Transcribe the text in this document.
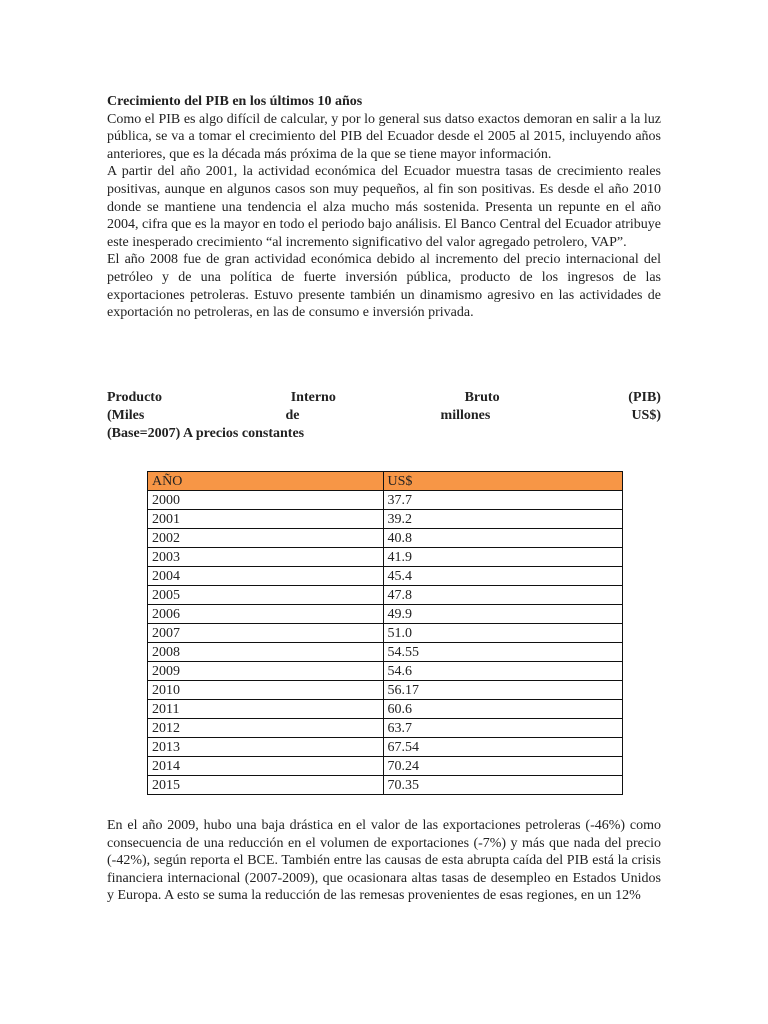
Crecimiento del PIB en los últimos 10 años

Como el PIB es algo difícil de calcular, y por lo general sus datso exactos demoran en salir a la luz pública, se va a tomar el crecimiento del PIB del Ecuador desde el 2005 al 2015, incluyendo años anteriores, que es la década más próxima de la que se tiene mayor información.

A partir del año 2001, la actividad económica del Ecuador muestra tasas de crecimiento reales positivas, aunque en algunos casos son muy pequeños, al fin son positivas. Es desde el año 2010 donde se mantiene una tendencia el alza mucho más sostenida. Presenta un repunte en el año 2004, cifra que es la mayor en todo el periodo bajo análisis. El Banco Central del Ecuador atribuye este inesperado crecimiento “al incremento significativo del valor agregado petrolero, VAP”.

El año 2008 fue de gran actividad económica debido al incremento del precio internacional del petróleo y de una política de fuerte inversión pública, producto de los ingresos de las exportaciones petroleras. Estuvo presente también un dinamismo agresivo en las actividades de exportación no petroleras, en las de consumo e inversión privada.

Producto	Interno	Bruto	(PIB)
(Miles	de	millones	US$)
(Base=2007) A precios constantes
AÑO	US$
2000	37.7
2001	39.2
2002	40.8
2003	41.9
2004	45.4
2005	47.8
2006	49.9
2007	51.0
2008	54.55
2009	54.6
2010	56.17
2011	60.6
2012	63.7
2013	67.54
2014	70.24
2015	70.35

En el año 2009, hubo una baja drástica en el valor de las exportaciones petroleras (-46%) como consecuencia de una reducción en el volumen de exportaciones (-7%) y más que nada del precio (-42%), según reporta el BCE. También entre las causas de esta abrupta caída del PIB está la crisis financiera internacional (2007-2009), que ocasionara altas tasas de desempleo en Estados Unidos y Europa. A esto se suma la reducción de las remesas provenientes de esas regiones, en un 12%
